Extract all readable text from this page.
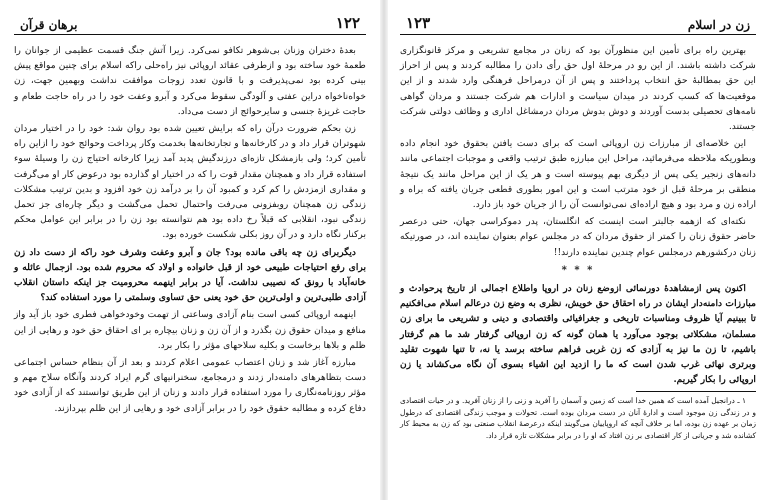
۱۲۲
برهان قرآن

بعدهٔ دختران وزنان بی‌شوهر تکافو نمی‌کرد. زیرا آتش جنگ قسمت عظیمی از جوانان را طعمهٔ خود ساخته بود و ازطرفی عقائد اروپائی نیز راه‌حلی راکه اسلام برای چنین مواقع پیش بینی کرده بود نمی‌پذیرفت و با قانون تعدد زوجات موافقت نداشت وبهمین جهت، زن خواه‌ناخواه دراین عفتی و آلودگی سقوط می‌کرد و آبرو وعفت خود را در راه حاجت طعام و حاجت غریزهٔ جنسی و سایرحوائج از دست می‌داد.

زن بحکم ضرورت درآن راه که برایش تعیین شده بود روان شد: خود را در اختیار مردان شهوتران قرار داد و در کارخانه‌ها و تجارتخانه‌ها بخدمت وکار پرداخت وحوائج خود را ازاین راه تأمین کرد؛ ولی بازمشکل تازه‌ای درزندگیش پدید آمد زیرا کارخانه احتیاج زن را وسیلهٔ سوء استفاده قرار داد و همچنان مقدار قوت را که در اختیار او گذارده بود درعوض کار او می‌گرفت و مقداری ازمزدش را کم کرد و کمبود آن را بر درآمد زن خود افزود و بدین ترتیب مشکلات زندگی زن همچنان روبفزونی می‌رفت واحتمال تحمل می‌گشت و دیگر چاره‌ای جز تحمل زندگی نبود، انقلابی که قبلاً رخ داده بود هم نتوانسته بود زن را در برابر این عوامل محکم برکنار نگاه دارد و در آن روز بکلی شکست خورده بود.

دیگربرای زن چه باقی مانده بود؟ جان و آبرو وعفت وشرف خود راکه از دست داد زن برای رفع احتیاجات طبیعی خود از قبل خانواده و اولاد که محروم شده بود. ازجمال عائله و خانه‌آباد با رونق که نصیبی نداشت. آیا در برابر اینهمه محرومیت جز اینکه داستان انقلاب آزادی طلبی‌ترین و اولی‌ترین حق خود یعنی حق تساوی وسلمتی را مورد استفاده کند؟

اینهمه اروپائی کسی است بنام آزادی وساعتی از تهمت وخودخواهی فطری خود باز آید واز منافع و میدان حقوق زن بگذرد و از آن زن و زنان بیچاره بر ای احقاق حق خود و رهایی از این ظلم و بلاها برخاست و بکلیه سلاحهای مؤثر را بکار برد.

مبارزه آغاز شد و زنان اعتصاب عمومی اعلام کردند و بعد از آن بنظام حساس اجتماعی دست بتظاهرهای دامنه‌دار زدند و درمجامع، سخنرانیهای گرم ایراد کردند وآنگاه سلاح مهم و مؤثر روزنامه‌نگاری را مورد استفاده قرار دادند و زنان از این طریق توانستند که از آزادی خود دفاع کرده و مطالبه حقوق خود را در برابر آزادی خود و رهایی از این ظلم بپردازند.

زن در اسلام
۱۲۳

بهترین راه برای تأمین این منظورآن بود که زنان در مجامع تشریعی و مرکز قانونگزاری شرکت داشته باشند. از این رو در مرحلهٔ اول حق رأی دادن را مطالبه کردند و پس از احراز این حق بمطالبهٔ حق انتخاب پرداختند و پس از آن درمراحل فرهنگی وارد شدند و از این موقعیت‌ها که کسب کردند در میدان سیاست و ادارات هم شرکت جستند و مردان گواهی نامه‌های تحصیلی بدست آوردند و دوش بدوش مردان درمشاغل اداری و وظائف دولتی شرکت جستند.

این خلاصه‌ای از مبارزات زن اروپائی است که برای دست یافتن بحقوق خود انجام داده وبطوریکه ملاحظه می‌فرمائید، مراحل این مبارزه طبق ترتیب واقعی و موجبات اجتماعی مانند دانه‌های زنجیر یکی پس از دیگری بهم پیوسته است و هر یک از این مراحل مانند یک نتیجهٔ منطقی بر مرحلهٔ قبل از خود مترتب است و این امور بطوری قطعی جریان یافته که براه و اراده زن و مرد بود و هیچ اراده‌ای نمی‌توانست آن را از جریان خود باز دارد.

نکته‌ای که ازهمه جالبتر است اینست که انگلستان، پدر دموکراسی جهان، حتی درعصر حاضر حقوق زنان را کمتر از حقوق مردان که در مجلس عوام بعنوان نماینده اند، در صورتیکه زنان درکشورهم درمجلس عوام چندین نماینده دارند!!

* * *

اکنون پس ازمشاهدهٔ دورنمائی ازوضع زنان در اروپا واطلاع اجمالی از تاریخ پرحوادث و مبارزات دامنه‌دار ایشان در راه احقاق حق خویش، نظری به وضع زن درعالم اسلام می‌افکنیم تا ببینیم آیا ظروف ومناسبات تاریخی و جغرافیائی واقتصادی و دینی و تشریعی ما برای زن مسلمان، مشکلاتی بوجود می‌آورد یا همان گونه که زن اروپائی گرفتار شد ما هم گرفتار باشیم، تا زن ما نیز به آزادی که زن غربی فراهم ساخته برسد یا نه، تا تنها شهوت تقلید وبرتری نهائی غرب شدن است که ما را ازدید این اشیاء بسوی آن نگاه می‌کشاند یا زن اروپائی را بکار گیریم.

۱ ـ درانجیل آمده است که همین خدا است که زمین و آسمان را آفرید و زنی را از زنان آفرید. و در حیات اقتصادی و در زندگی زن موجود است و ادارهٔ آنان در دست مردان بوده است. تحولات و موجب زندگی اقتصادی که درطول زمان بر عهده زن بوده، اما بر خلاف آنچه که اروپاییان می‌گویند اینکه درعرصهٔ انقلاب صنعتی بود که زن به محیط کار کشانده شد و جریانی از کار اقتصادی بر زن افتاد که او را در برابر مشکلات تازه قرار داد.
